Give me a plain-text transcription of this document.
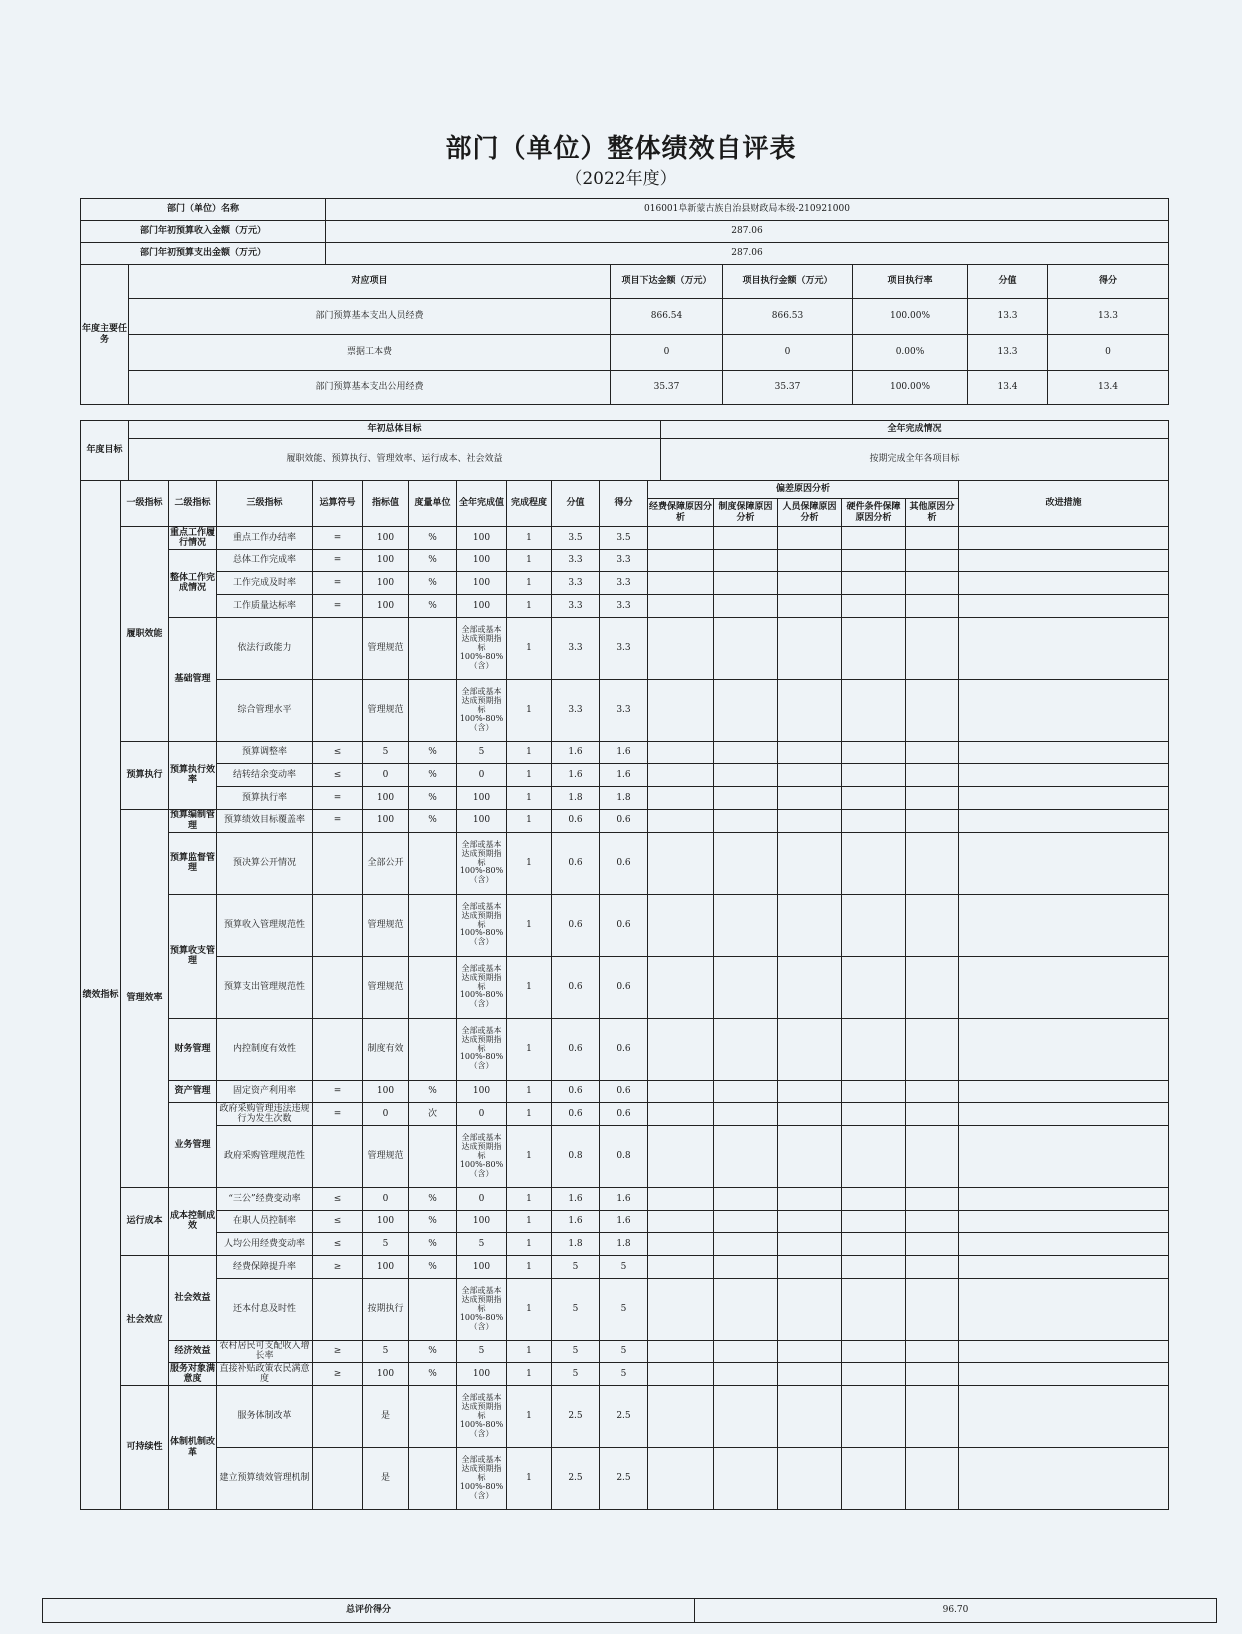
部门（单位）整体绩效自评表
（2022年度）
部门（单位）名称	016001阜新蒙古族自治县财政局本级-210921000
部门年初预算收入金额（万元）	287.06
部门年初预算支出金额（万元）	287.06
年度主要任务	对应项目	项目下达金额（万元）	项目执行金额（万元）	项目执行率	分值	得分
	部门预算基本支出人员经费	866.54	866.53	100.00%	13.3	13.3
	票据工本费	0	0	0.00%	13.3	0
	部门预算基本支出公用经费	35.37	35.37	100.00%	13.4	13.4
年度目标	年初总体目标	全年完成情况
	履职效能、预算执行、管理效率、运行成本、社会效益	按期完成全年各项目标
绩效指标	一级指标	二级指标	三级指标	运算符号	指标值	度量单位	全年完成值	完成程度	分值	得分	偏差原因分析					改进措施
											经费保障原因分析	制度保障原因分析	人员保障原因分析	硬件条件保障原因分析	其他原因分析	
	履职效能	重点工作履行情况	重点工作办结率	=	100	%	100	1	3.5	3.5						
		整体工作完成情况	总体工作完成率	=	100	%	100	1	3.3	3.3						
			工作完成及时率	=	100	%	100	1	3.3	3.3						
			工作质量达标率	=	100	%	100	1	3.3	3.3						
		基础管理	依法行政能力		管理规范		全部或基本达成预期指标100%-80%（含）	1	3.3	3.3						
			综合管理水平		管理规范		全部或基本达成预期指标100%-80%（含）	1	3.3	3.3						
	预算执行	预算执行效率	预算调整率	≤	5	%	5	1	1.6	1.6						
			结转结余变动率	≤	0	%	0	1	1.6	1.6						
			预算执行率	=	100	%	100	1	1.8	1.8						
	管理效率	预算编制管理	预算绩效目标覆盖率	=	100	%	100	1	0.6	0.6						
		预算监督管理	预决算公开情况		全部公开		全部或基本达成预期指标100%-80%（含）	1	0.6	0.6						
		预算收支管理	预算收入管理规范性		管理规范		全部或基本达成预期指标100%-80%（含）	1	0.6	0.6						
			预算支出管理规范性		管理规范		全部或基本达成预期指标100%-80%（含）	1	0.6	0.6						
		财务管理	内控制度有效性		制度有效		全部或基本达成预期指标100%-80%（含）	1	0.6	0.6						
		资产管理	固定资产利用率	=	100	%	100	1	0.6	0.6						
		业务管理	政府采购管理违法违规行为发生次数	=	0	次	0	1	0.6	0.6						
			政府采购管理规范性		管理规范		全部或基本达成预期指标100%-80%（含）	1	0.8	0.8						
	运行成本	成本控制成效	“三公”经费变动率	≤	0	%	0	1	1.6	1.6						
			在职人员控制率	≤	100	%	100	1	1.6	1.6						
			人均公用经费变动率	≤	5	%	5	1	1.8	1.8						
	社会效应	社会效益	经费保障提升率	≥	100	%	100	1	5	5						
			还本付息及时性		按期执行		全部或基本达成预期指标100%-80%（含）	1	5	5						
		经济效益	农村居民可支配收入增长率	≥	5	%	5	1	5	5						
		服务对象满意度	直接补贴政策农民满意度	≥	100	%	100	1	5	5						
	可持续性	体制机制改革	服务体制改革		是		全部或基本达成预期指标100%-80%（含）	1	2.5	2.5						
			建立预算绩效管理机制		是		全部或基本达成预期指标100%-80%（含）	1	2.5	2.5						
总评价得分	96.70
